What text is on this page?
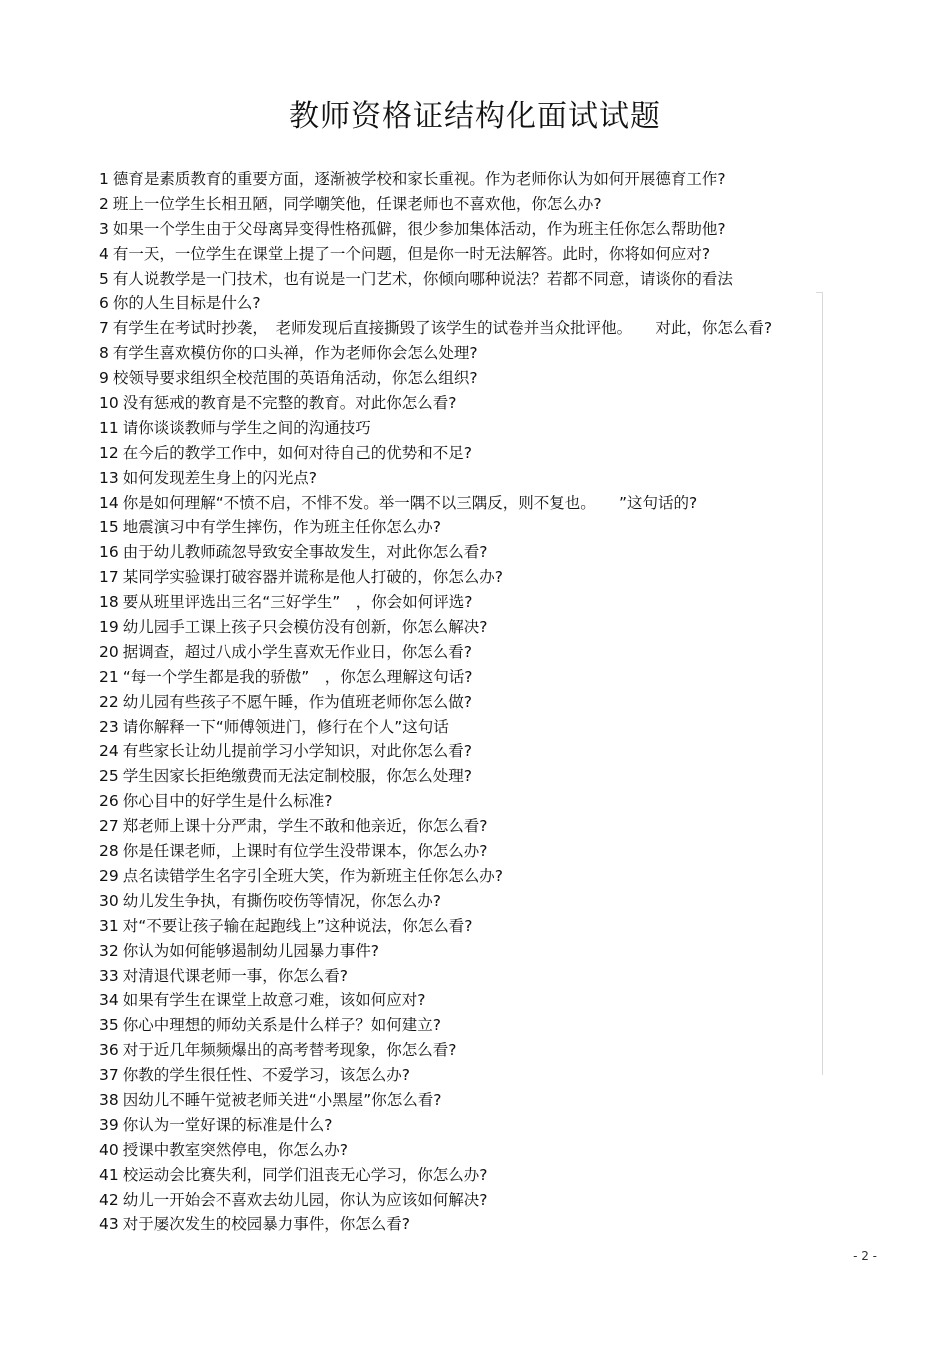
教师资格证结构化面试试题
1 德育是素质教育的重要方面，逐渐被学校和家长重视。作为老师你认为如何开展德育工作?
2 班上一位学生长相丑陋，同学嘲笑他，任课老师也不喜欢他，你怎么办?
3 如果一个学生由于父母离异变得性格孤僻，很少参加集体活动，作为班主任你怎么帮助他?
4 有一天，一位学生在课堂上提了一个问题，但是你一时无法解答。此时，你将如何应对?
5 有人说教学是一门技术，也有说是一门艺术，你倾向哪种说法？若都不同意，请谈你的看法
6 你的人生目标是什么?
7 有学生在考试时抄袭，　老师发现后直接撕毁了该学生的试卷并当众批评他。　　对此，你怎么看?
8 有学生喜欢模仿你的口头禅，作为老师你会怎么处理?
9 校领导要求组织全校范围的英语角活动，你怎么组织?
10 没有惩戒的教育是不完整的教育。对此你怎么看?
11 请你谈谈教师与学生之间的沟通技巧
12 在今后的教学工作中，如何对待自己的优势和不足?
13 如何发现差生身上的闪光点?
14 你是如何理解“不愤不启，不悱不发。举一隅不以三隅反，则不复也。　　”这句话的?
15 地震演习中有学生摔伤，作为班主任你怎么办?
16 由于幼儿教师疏忽导致安全事故发生，对此你怎么看?
17 某同学实验课打破容器并谎称是他人打破的，你怎么办?
18 要从班里评选出三名“三好学生”　，你会如何评选?
19 幼儿园手工课上孩子只会模仿没有创新，你怎么解决?
20 据调查，超过八成小学生喜欢无作业日，你怎么看?
21 “每一个学生都是我的骄傲”　，你怎么理解这句话?
22 幼儿园有些孩子不愿午睡，作为值班老师你怎么做?
23 请你解释一下“师傅领进门，修行在个人”这句话
24 有些家长让幼儿提前学习小学知识，对此你怎么看?
25 学生因家长拒绝缴费而无法定制校服，你怎么处理?
26 你心目中的好学生是什么标准?
27 郑老师上课十分严肃，学生不敢和他亲近，你怎么看?
28 你是任课老师，上课时有位学生没带课本，你怎么办?
29 点名读错学生名字引全班大笑，作为新班主任你怎么办?
30 幼儿发生争执，有撕伤咬伤等情况，你怎么办?
31 对“不要让孩子输在起跑线上”这种说法，你怎么看?
32 你认为如何能够遏制幼儿园暴力事件?
33 对清退代课老师一事，你怎么看?
34 如果有学生在课堂上故意刁难，该如何应对?
35 你心中理想的师幼关系是什么样子？如何建立?
36 对于近几年频频爆出的高考替考现象，你怎么看?
37 你教的学生很任性、不爱学习，该怎么办?
38 因幼儿不睡午觉被老师关进“小黑屋”你怎么看?
39 你认为一堂好课的标准是什么?
40 授课中教室突然停电，你怎么办?
41 校运动会比赛失利，同学们沮丧无心学习，你怎么办?
42 幼儿一开始会不喜欢去幼儿园，你认为应该如何解决?
43 对于屡次发生的校园暴力事件，你怎么看?
- 2 -
